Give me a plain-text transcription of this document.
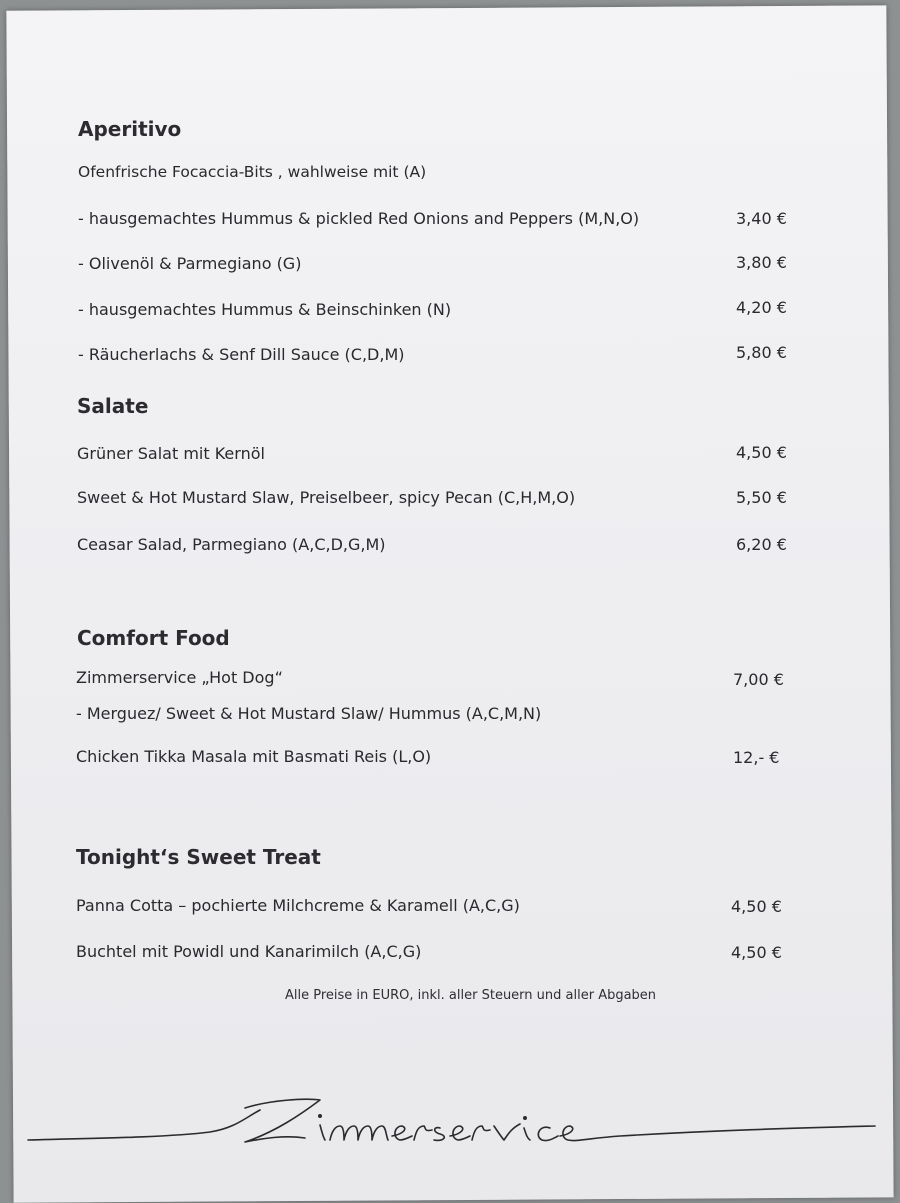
Aperitivo
Ofenfrische Focaccia-Bits , wahlweise mit (A)
- hausgemachtes Hummus & pickled Red Onions and Peppers (M,N,O)	3,40 €
- Olivenöl & Parmegiano (G)	3,80 €
- hausgemachtes Hummus & Beinschinken (N)	4,20 €
- Räucherlachs & Senf Dill Sauce (C,D,M)	5,80 €
Salate
Grüner Salat mit Kernöl	4,50 €
Sweet & Hot Mustard Slaw, Preiselbeer, spicy Pecan (C,H,M,O)	5,50 €
Ceasar Salad, Parmegiano (A,C,D,G,M)	6,20 €
Comfort Food
Zimmerservice „Hot Dog“	7,00 €
- Merguez/ Sweet & Hot Mustard Slaw/ Hummus (A,C,M,N)
Chicken Tikka Masala mit Basmati Reis (L,O)	12,- €
Tonight‘s Sweet Treat
Panna Cotta – pochierte Milchcreme & Karamell (A,C,G)	4,50 €
Buchtel mit Powidl und Kanarimilch (A,C,G)	4,50 €
Alle Preise in EURO, inkl. aller Steuern und aller Abgaben
